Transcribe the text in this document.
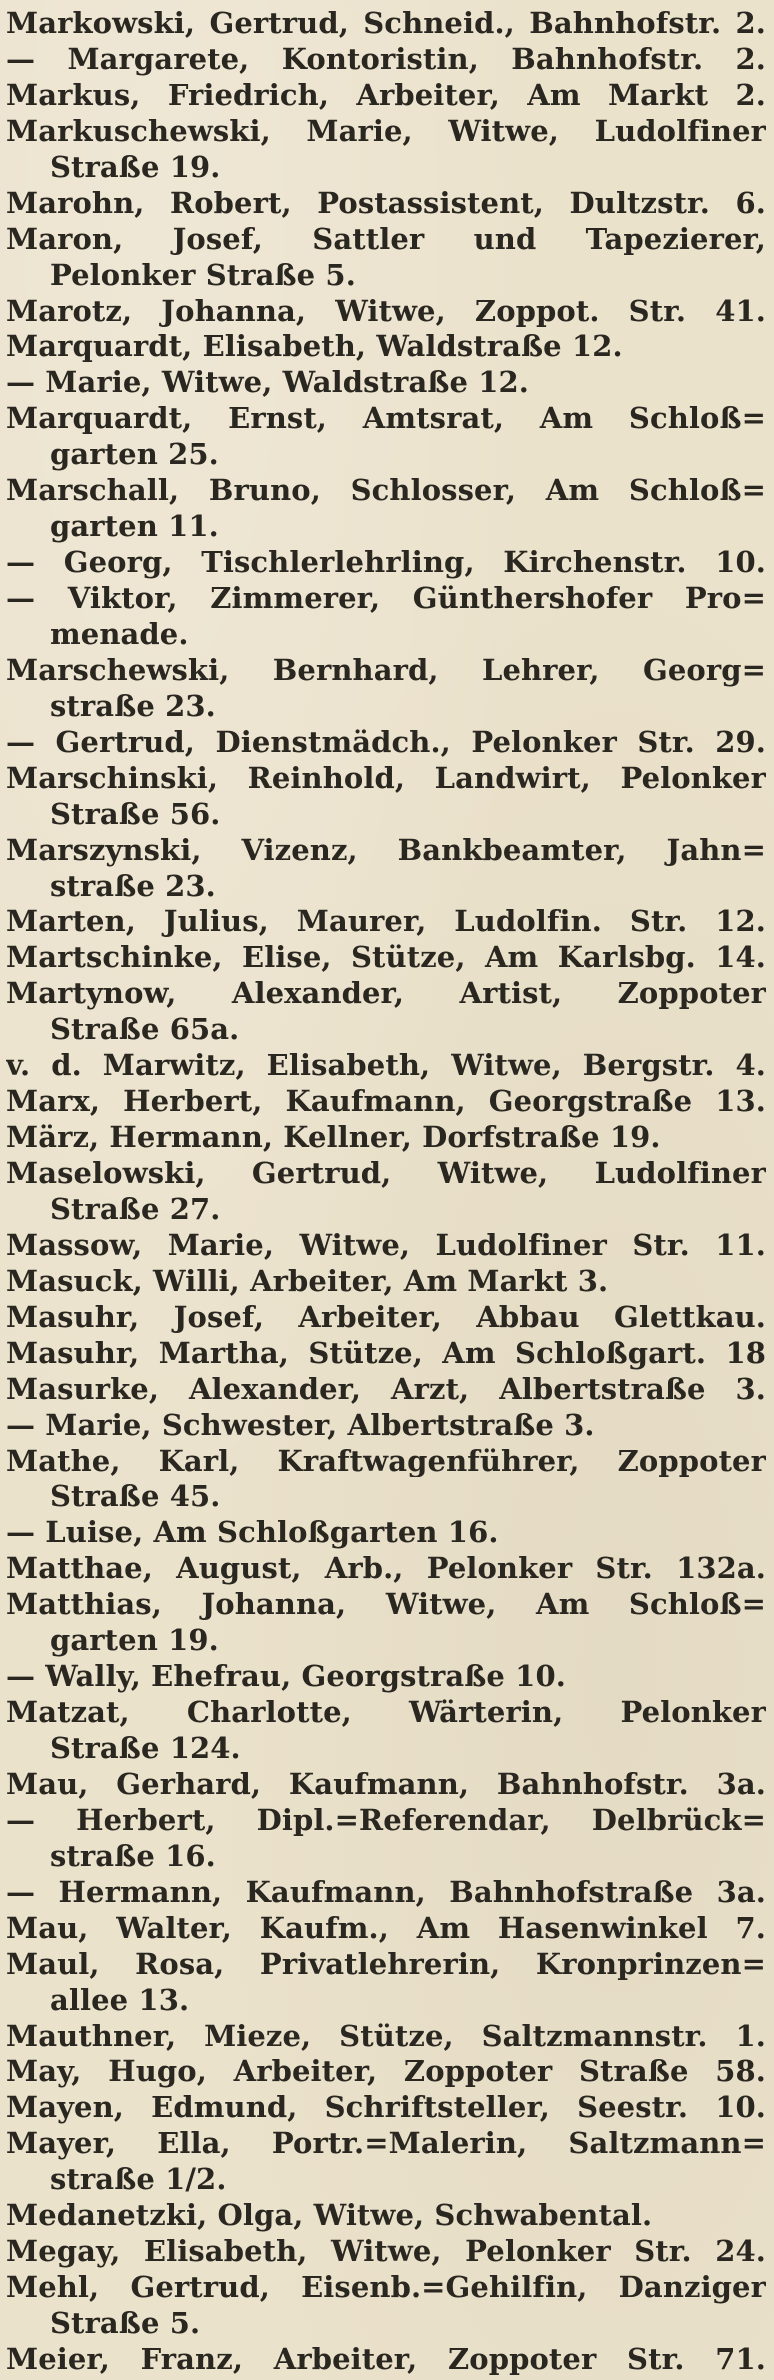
Markowski, Gertrud, Schneid., Bahnhofstr. 2.
— Margarete, Kontoristin, Bahnhofstr. 2.
Markus, Friedrich, Arbeiter, Am Markt 2.
Markuschewski, Marie, Witwe, Ludolfiner
Straße 19.
Marohn, Robert, Postassistent, Dultzstr. 6.
Maron, Josef, Sattler und Tapezierer,
Pelonker Straße 5.
Marotz, Johanna, Witwe, Zoppot. Str. 41.
Marquardt, Elisabeth, Waldstraße 12.
— Marie, Witwe, Waldstraße 12.
Marquardt, Ernst, Amtsrat, Am Schloß=
garten 25.
Marschall, Bruno, Schlosser, Am Schloß=
garten 11.
— Georg, Tischlerlehrling, Kirchenstr. 10.
— Viktor, Zimmerer, Günthershofer Pro=
menade.
Marschewski, Bernhard, Lehrer, Georg=
straße 23.
— Gertrud, Dienstmädch., Pelonker Str. 29.
Marschinski, Reinhold, Landwirt, Pelonker
Straße 56.
Marszynski, Vizenz, Bankbeamter, Jahn=
straße 23.
Marten, Julius, Maurer, Ludolfin. Str. 12.
Martschinke, Elise, Stütze, Am Karlsbg. 14.
Martynow, Alexander, Artist, Zoppoter
Straße 65a.
v. d. Marwitz, Elisabeth, Witwe, Bergstr. 4.
Marx, Herbert, Kaufmann, Georgstraße 13.
März, Hermann, Kellner, Dorfstraße 19.
Maselowski, Gertrud, Witwe, Ludolfiner
Straße 27.
Massow, Marie, Witwe, Ludolfiner Str. 11.
Masuck, Willi, Arbeiter, Am Markt 3.
Masuhr, Josef, Arbeiter, Abbau Glettkau.
Masuhr, Martha, Stütze, Am Schloßgart. 18
Masurke, Alexander, Arzt, Albertstraße 3.
— Marie, Schwester, Albertstraße 3.
Mathe, Karl, Kraftwagenführer, Zoppoter
Straße 45.
— Luise, Am Schloßgarten 16.
Matthae, August, Arb., Pelonker Str. 132a.
Matthias, Johanna, Witwe, Am Schloß=
garten 19.
— Wally, Ehefrau, Georgstraße 10.
Matzat, Charlotte, Wärterin, Pelonker
Straße 124.
Mau, Gerhard, Kaufmann, Bahnhofstr. 3a.
— Herbert, Dipl.=Referendar, Delbrück=
straße 16.
— Hermann, Kaufmann, Bahnhofstraße 3a.
Mau, Walter, Kaufm., Am Hasenwinkel 7.
Maul, Rosa, Privatlehrerin, Kronprinzen=
allee 13.
Mauthner, Mieze, Stütze, Saltzmannstr. 1.
May, Hugo, Arbeiter, Zoppoter Straße 58.
Mayen, Edmund, Schriftsteller, Seestr. 10.
Mayer, Ella, Portr.=Malerin, Saltzmann=
straße 1/2.
Medanetzki, Olga, Witwe, Schwabental.
Megay, Elisabeth, Witwe, Pelonker Str. 24.
Mehl, Gertrud, Eisenb.=Gehilfin, Danziger
Straße 5.
Meier, Franz, Arbeiter, Zoppoter Str. 71.
